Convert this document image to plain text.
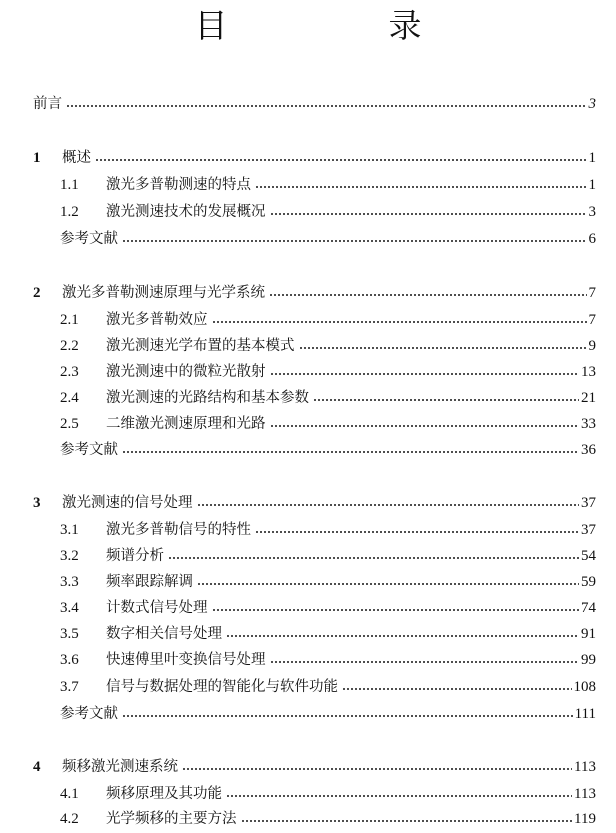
目　录
前言	3
1	概述	1
1.1	激光多普勒测速的特点	1
1.2	激光测速技术的发展概况	3
参考文献	6
2	激光多普勒测速原理与光学系统	7
2.1	激光多普勒效应	7
2.2	激光测速光学布置的基本模式	9
2.3	激光测速中的微粒光散射	13
2.4	激光测速的光路结构和基本参数	21
2.5	二维激光测速原理和光路	33
参考文献	36
3	激光测速的信号处理	37
3.1	激光多普勒信号的特性	37
3.2	频谱分析	54
3.3	频率跟踪解调	59
3.4	计数式信号处理	74
3.5	数字相关信号处理	91
3.6	快速傅里叶变换信号处理	99
3.7	信号与数据处理的智能化与软件功能	108
参考文献	111
4	频移激光测速系统	113
4.1	频移原理及其功能	113
4.2	光学频移的主要方法	119
